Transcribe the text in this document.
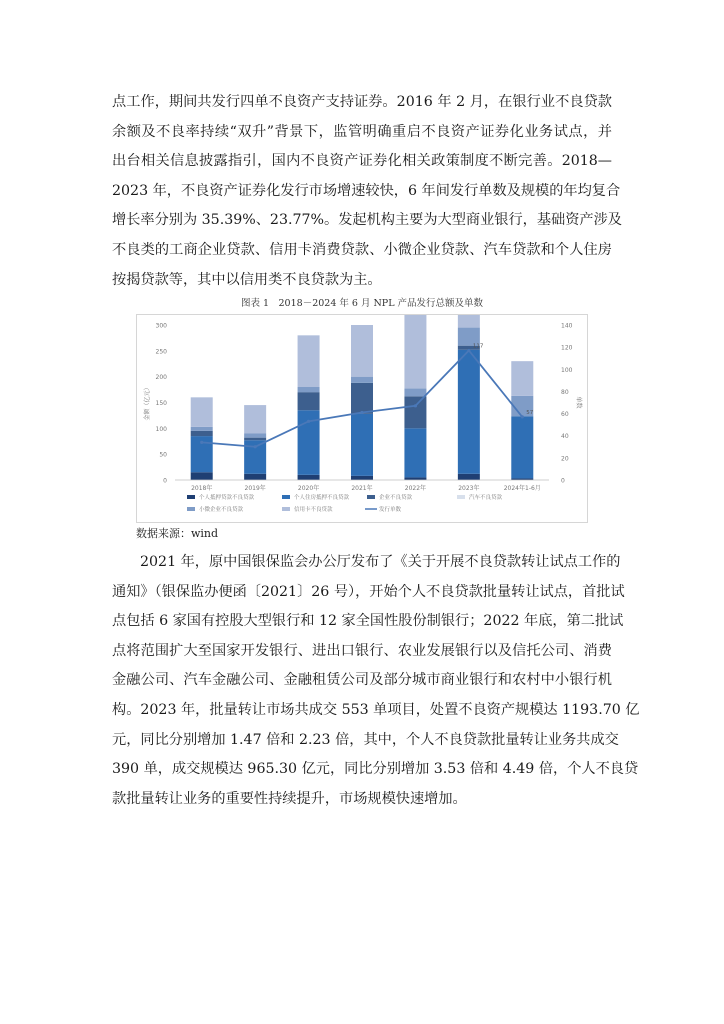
点工作，期间共发行四单不良资产支持证券。2016 年 2 月，在银行业不良贷款
余额及不良率持续“双升”背景下，监管明确重启不良资产证券化业务试点，并
出台相关信息披露指引，国内不良资产证券化相关政策制度不断完善。2018—
2023 年，不良资产证券化发行市场增速较快，6 年间发行单数及规模的年均复合
增长率分别为 35.39%、23.77%。发起机构主要为大型商业银行，基础资产涉及
不良类的工商企业贷款、信用卡消费贷款、小微企业贷款、汽车贷款和个人住房
按揭贷款等，其中以信用类不良贷款为主。
图表 1　2018－2024 年 6 月 NPL 产品发行总额及单数
0
50
100
150
200
250
300
0
20
40
60
80
100
120
140
金额（亿元）	单数
2018年	2019年	2020年	2021年	2022年	2023年	2024年1-6月
117
57
个人抵押贷款不良贷款	个人住房抵押不良贷款	企业不良贷款	汽车不良贷款
小微企业不良贷款	信用卡不良贷款	发行单数
数据来源：wind
2021 年，原中国银保监会办公厅发布了《关于开展不良贷款转让试点工作的
通知》（银保监办便函〔2021〕26 号），开始个人不良贷款批量转让试点，首批试
点包括 6 家国有控股大型银行和 12 家全国性股份制银行；2022 年底，第二批试
点将范围扩大至国家开发银行、进出口银行、农业发展银行以及信托公司、消费
金融公司、汽车金融公司、金融租赁公司及部分城市商业银行和农村中小银行机
构。2023 年，批量转让市场共成交 553 单项目，处置不良资产规模达 1193.70 亿
元，同比分别增加 1.47 倍和 2.23 倍，其中，个人不良贷款批量转让业务共成交
390 单，成交规模达 965.30 亿元，同比分别增加 3.53 倍和 4.49 倍，个人不良贷
款批量转让业务的重要性持续提升，市场规模快速增加。
